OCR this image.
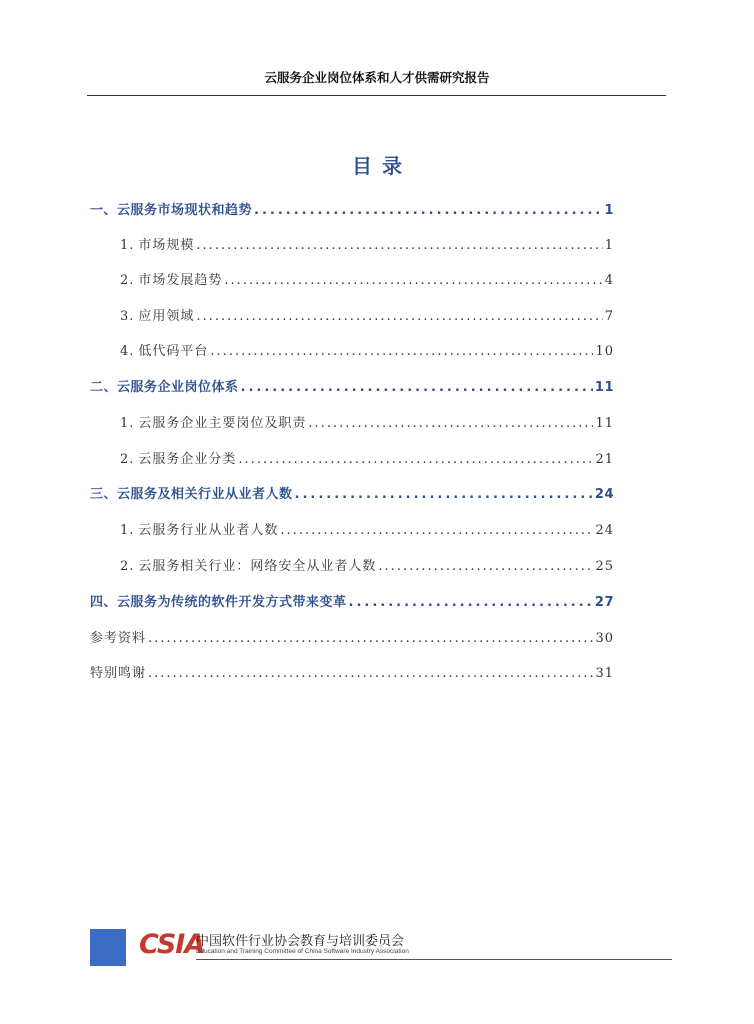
云服务企业岗位体系和人才供需研究报告
目录
一、 云服务市场现状和趋势 .....	1
1. 市场规模 .....	1
2. 市场发展趋势 .....	4
3. 应用领域 .....	7
4. 低代码平台 .....	10
二、 云服务企业岗位体系 .....	11
1. 云服务企业主要岗位及职责 .....	11
2. 云服务企业分类 .....	21
三、 云服务及相关行业从业者人数 .....	24
1. 云服务行业从业者人数 .....	24
2. 云服务相关行业：网络安全从业者人数 .....	25
四、 云服务为传统的软件开发方式带来变革 .....	27
参考资料 .....	30
特别鸣谢 .....	31
CSIA
中国软件行业协会教育与培训委员会
Education and Training Committee of China Software Industry Association
